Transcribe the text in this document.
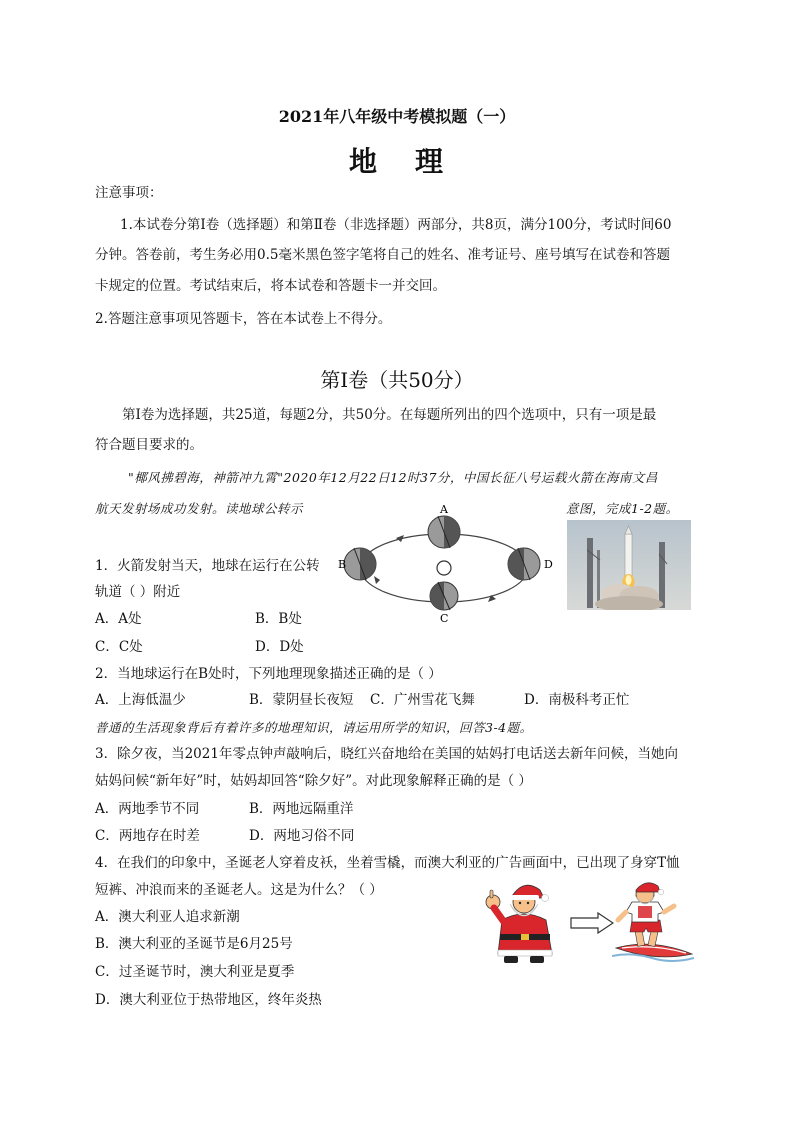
2021年八年级中考模拟题（一）
地 理
注意事项：
1.本试卷分第Ⅰ卷（选择题）和第Ⅱ卷（非选择题）两部分，共8页，满分100分，考试时间60
分钟。答卷前，考生务必用0.5毫米黑色签字笔将自己的姓名、准考证号、座号填写在试卷和答题
卡规定的位置。考试结束后，将本试卷和答题卡一并交回。
2.答题注意事项见答题卡，答在本试卷上不得分。
第Ⅰ卷（共50分）
第Ⅰ卷为选择题，共25道，每题2分，共50分。在每题所列出的四个选项中，只有一项是最
符合题目要求的。
"椰风拂碧海，神箭冲九霄"2020年12月22日12时37分，中国长征八号运载火箭在海南文昌
航天发射场成功发射。读地球公转示	意图，完成1-2题。
A
B
C
D
1．火箭发射当天，地球在运行在公转
轨道（ ）附近
A．A处	B．B处
C．C处	D．D处
2．当地球运行在B处时，下列地理现象描述正确的是（ ）
A．上海低温少	B．蒙阴昼长夜短 C．广州雪花飞舞	D．南极科考正忙
普通的生活现象背后有着许多的地理知识，请运用所学的知识，回答3-4题。
3．除夕夜，当2021年零点钟声敲响后，晓红兴奋地给在美国的姑妈打电话送去新年问候，当她向
姑妈问候“新年好”时，姑妈却回答“除夕好”。对此现象解释正确的是（ ）
A．两地季节不同	B．两地远隔重洋
C．两地存在时差	D．两地习俗不同
4．在我们的印象中，圣诞老人穿着皮袄，坐着雪橇，而澳大利亚的广告画面中，已出现了身穿T恤
短裤、冲浪而来的圣诞老人。这是为什么？（ ）
A．澳大利亚人追求新潮
B．澳大利亚的圣诞节是6月25号
C．过圣诞节时，澳大利亚是夏季
D．澳大利亚位于热带地区，终年炎热
